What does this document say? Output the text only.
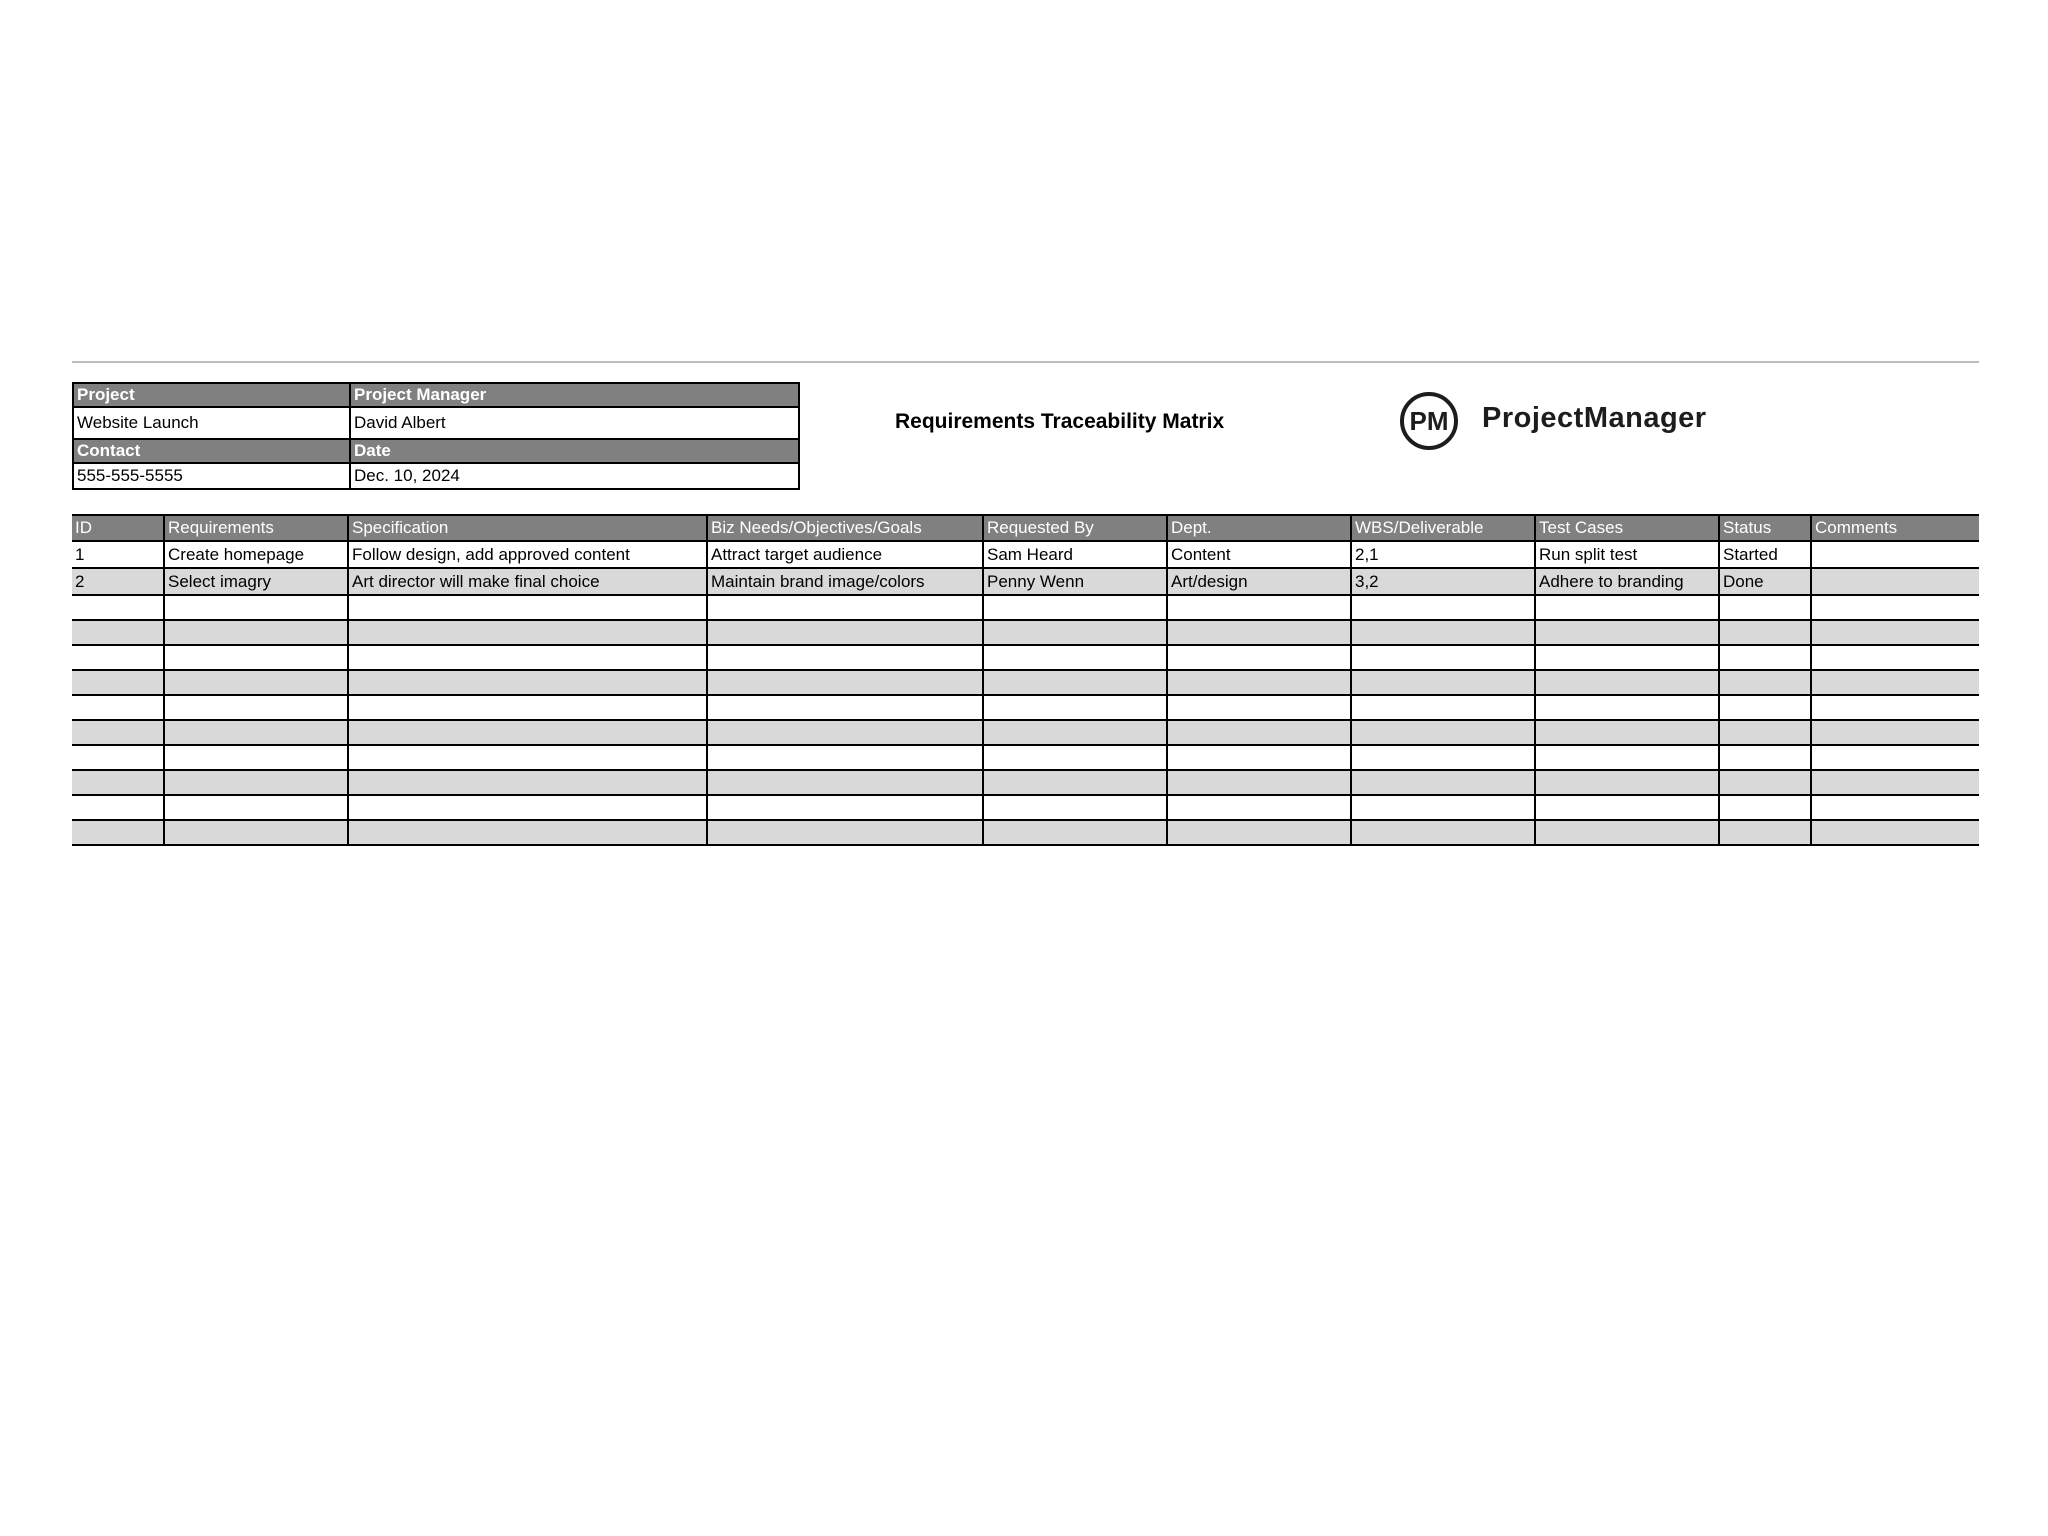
Project	Project Manager
Website Launch	David Albert
Contact	Date
555-555-5555	Dec. 10, 2024
Requirements Traceability Matrix	PM	ProjectManager
ID	Requirements	Specification	Biz Needs/Objectives/Goals	Requested By	Dept.	WBS/Deliverable	Test Cases	Status	Comments
1	Create homepage	Follow design, add approved content	Attract target audience	Sam Heard	Content	2,1	Run split test	Started	
2	Select imagry	Art director will make final choice	Maintain brand image/colors	Penny Wenn	Art/design	3,2	Adhere to branding	Done	
